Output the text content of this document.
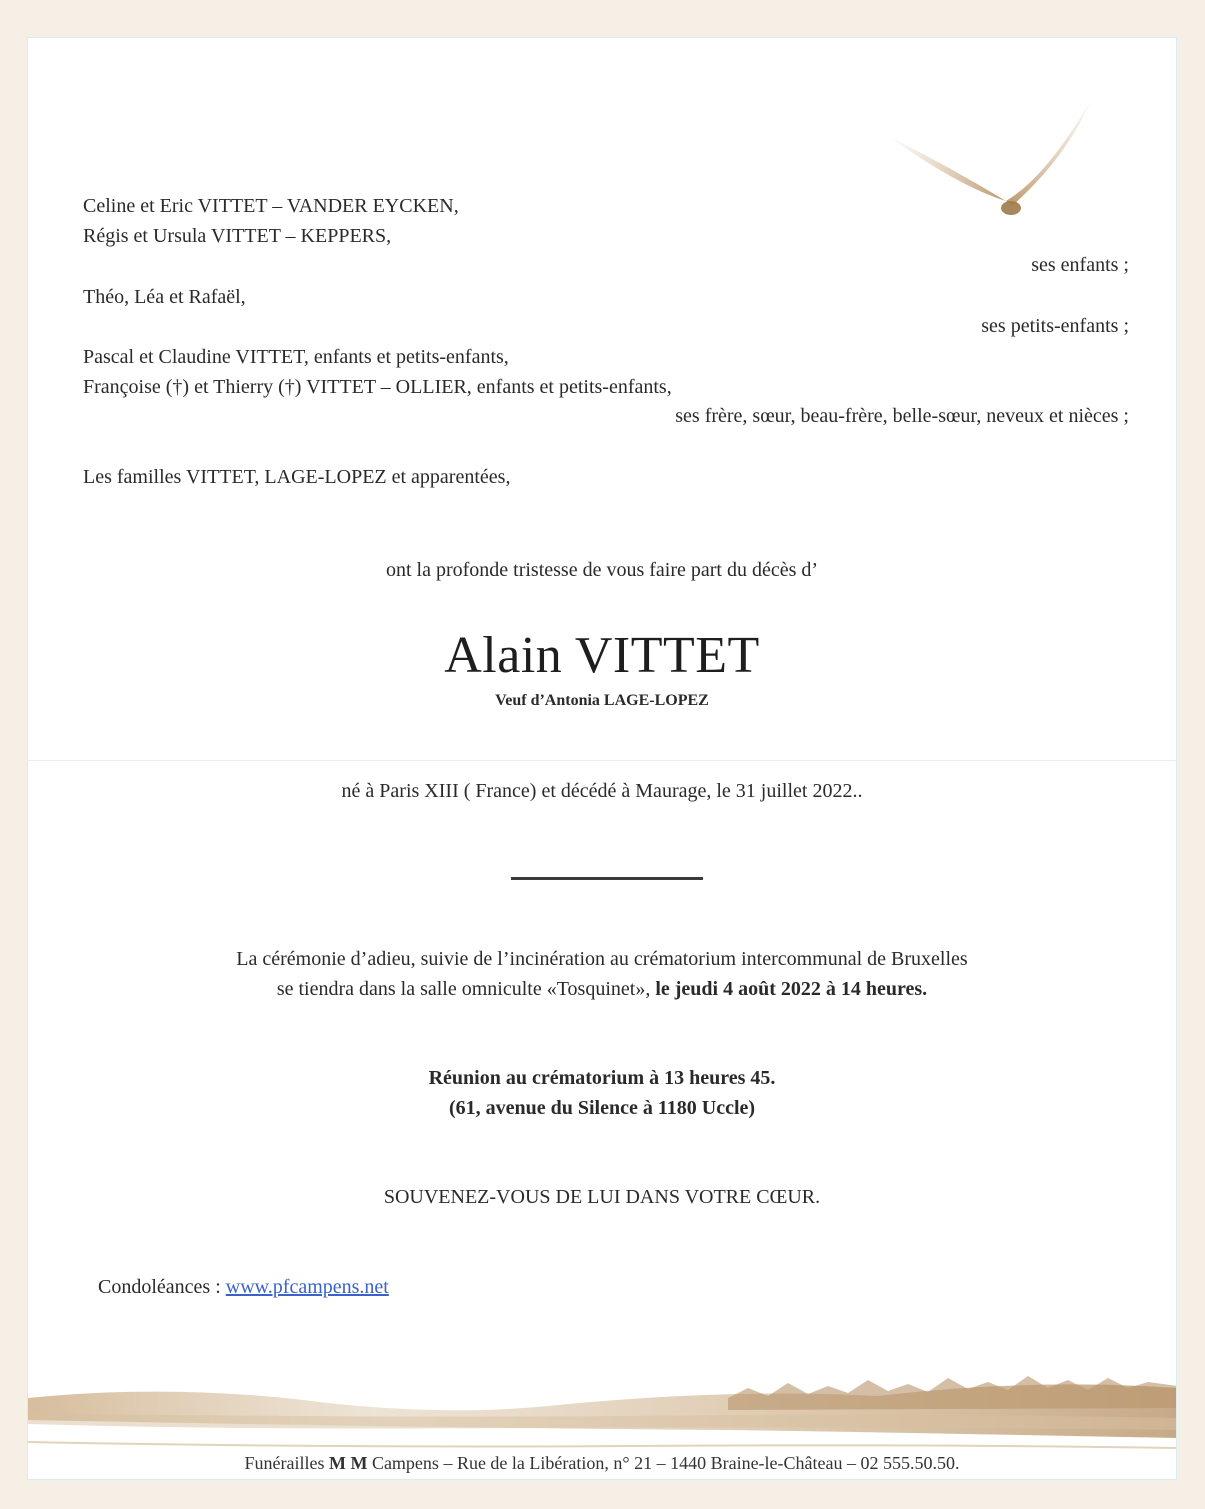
Celine et Eric VITTET – VANDER EYCKEN,
Régis et Ursula VITTET – KEPPERS,
ses enfants ;
Théo, Léa et Rafaël,
ses petits-enfants ;
Pascal et Claudine VITTET, enfants et petits-enfants,
Françoise (†) et Thierry (†) VITTET – OLLIER, enfants et petits-enfants,
ses frère, sœur, beau-frère, belle-sœur, neveux et nièces ;
Les familles VITTET, LAGE-LOPEZ et apparentées,
ont la profonde tristesse de vous faire part du décès d’
Alain VITTET
Veuf d’Antonia LAGE-LOPEZ
né à Paris XIII ( France) et décédé à Maurage, le 31 juillet 2022..
La cérémonie d’adieu, suivie de l’incinération au crématorium intercommunal de Bruxelles
se tiendra dans la salle omniculte «Tosquinet», le jeudi 4 août 2022 à 14 heures.
Réunion au crématorium à 13 heures 45.
(61, avenue du Silence à 1180 Uccle)
SOUVENEZ-VOUS DE LUI DANS VOTRE CŒUR.
Condoléances : www.pfcampens.net
Funérailles M M Campens – Rue de la Libération, n° 21 – 1440 Braine-le-Château – 02 555.50.50.
